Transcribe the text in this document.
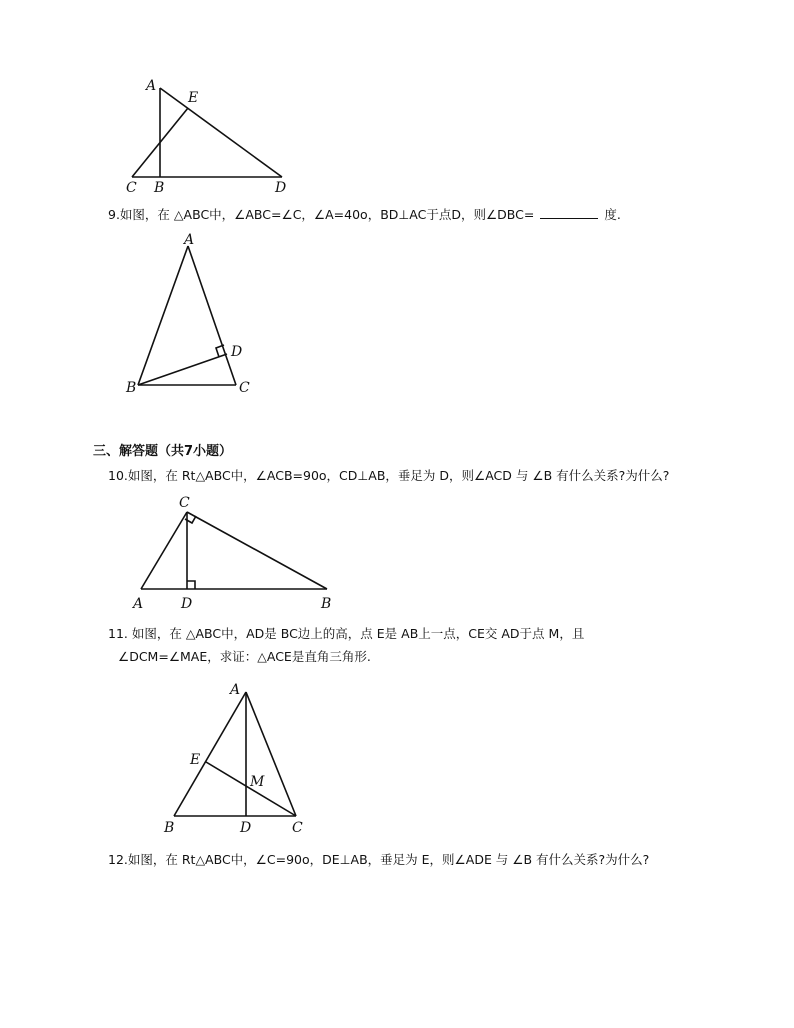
A
E
C B	D
9.如图，在 △ABC中，∠ABC=∠C，∠A=40o，BD⊥AC于点D，则∠DBC=	度.
A
D
B	C
三、解答题（共7小题）
10.如图，在 Rt△ABC中，∠ACB=90o，CD⊥AB，垂足为 D，则∠ACD 与 ∠B 有什么关系?为什么?
C
A	D	B
11. 如图，在 △ABC中，AD是 BC边上的高，点 E是 AB上一点，CE交 AD于点 M，且
∠DCM=∠MAE，求证：△ACE是直角三角形.
A
E
M
B	D	C
12.如图，在 Rt△ABC中，∠C=90o，DE⊥AB，垂足为 E，则∠ADE 与 ∠B 有什么关系?为什么?
